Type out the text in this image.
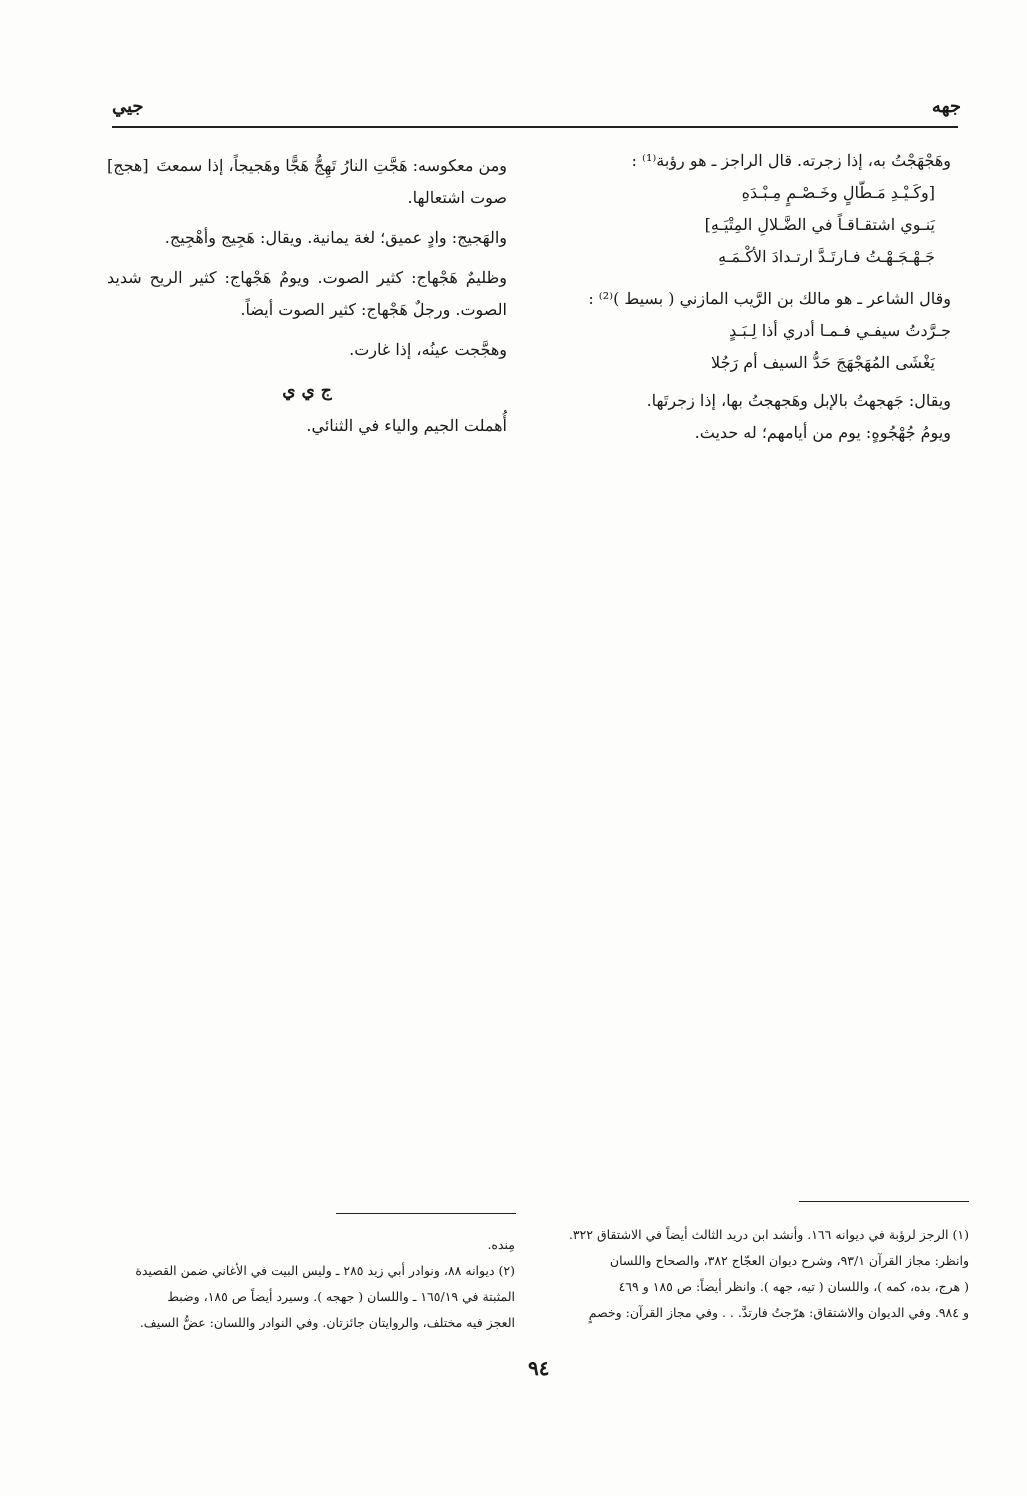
جهه
جيي
وهَجْهَجْتُ به، إذا زجرته. قال الراجز ـ هو رؤبة⁽¹⁾ :
[وكَـيْـدِ مَـطّالٍ وخَـصْـمٍ مِـبْـدَهِ
يَنـوي اشتقـاقـاً في الضَّـلالِ المِتْيَـهِ]
جَـهْـجَـهْـتُ فـارتَـدَّ ارتـدادَ الأكْـمَـهِ
وقال الشاعر ـ هو مالك بن الرَّيب المازني ( بسيط )⁽²⁾ :
جـرَّدتُ سيفـي فـمـا أدري أذا لِـبَـدٍ
يَغْشَى المُهَجْهَجَ حَدُّ السيف أم رَجُلا
ويقال: جَهجهتُ بالإبل وهَجهجتُ بها، إذا زجرتَها.
ويومُ جُهْجُوهٍ: يوم من أيامهم؛ له حديث.
[هجج] ومن معكوسه: هَجَّتِ النارُ تَهِجُّ هَجًّا وهَجيجاً، إذا سمعتَ
صوت اشتعالها.
والهَجيج: وادٍ عميق؛ لغة يمانية. ويقال: هَجِيج وأهْجِيج.
وظليمٌ هَجْهاج: كثير الصوت. ويومٌ هَجْهاج: كثير الريح شديد الصوت. ورجلٌ هَجْهاج: كثير الصوت أيضاً.
وهجَّجت عينُه، إذا غارت.
ج ي ي
أُهملت الجيم والياء في الثنائي.
(١) الرجز لرؤبة في ديوانه ١٦٦. وأنشد ابن دريد الثالث أيضاً في الاشتقاق ٣٢٢.
وانظر: مجاز القرآن ٩٣/١، وشرح ديوان العجّاج ٣٨٢، والصحاح واللسان
( هرج، بده، كمه )، واللسان ( تيه، جهه ). وانظر أيضاً: ص ١٨٥ و ٤٦٩
و ٩٨٤. وفي الديوان والاشتقاق: هرّجتُ فارتدَّ. . . وفي مجاز القرآن: وخصمٍ
مِنده.
(٢) ديوانه ٨٨، ونوادر أبي زيد ٢٨٥ ـ وليس البيت في الأغاني ضمن القصيدة
المثبتة في ١٦٥/١٩ ـ واللسان ( جهجه ). وسيرد أيضاً ص ١٨٥، وضبط
العجز فيه مختلف، والروايتان جائزتان. وفي النوادر واللسان: عضُّ السيف.
٩٤
